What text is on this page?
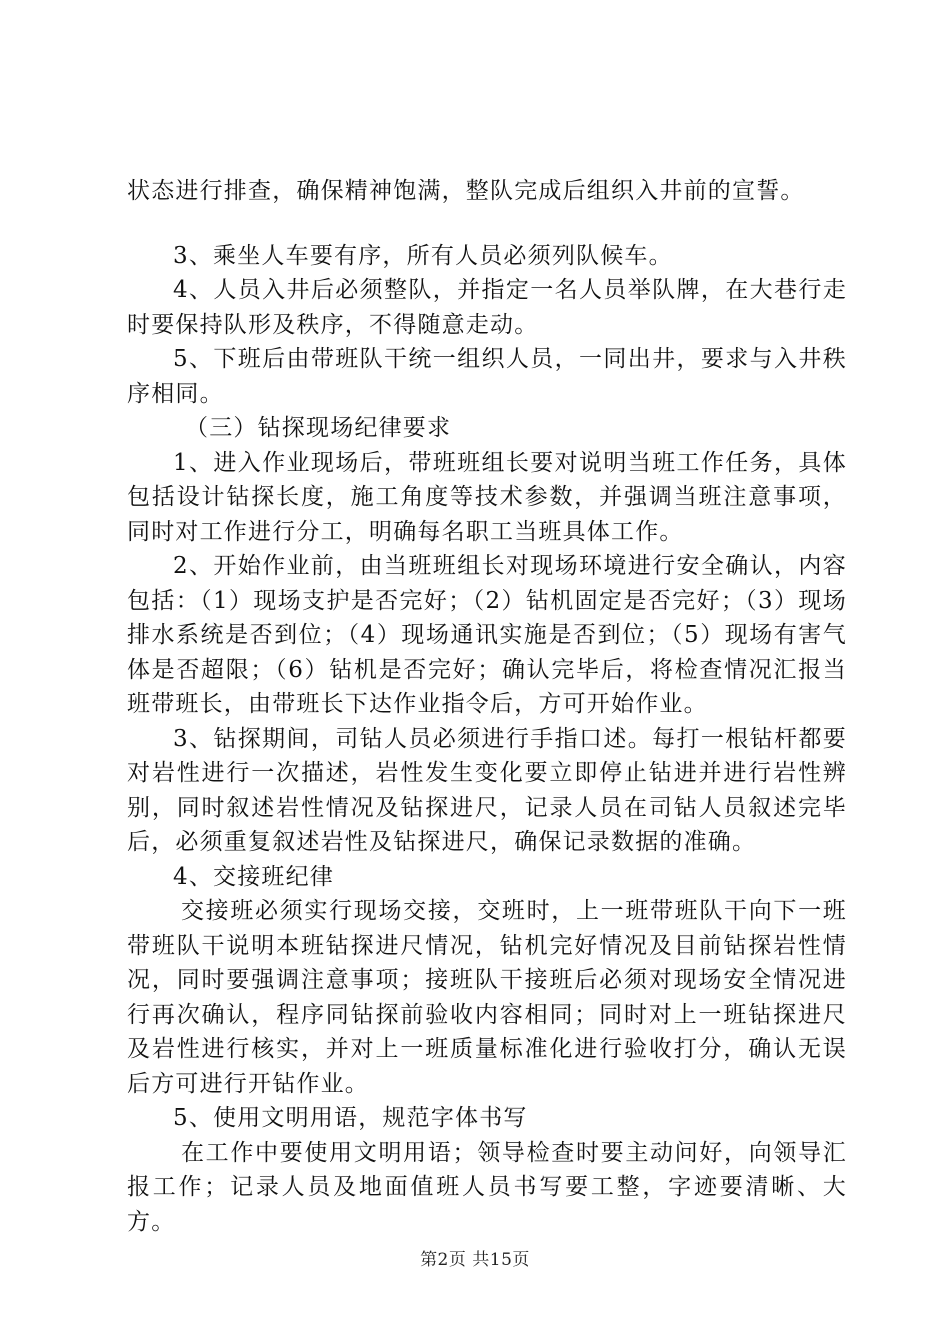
状态进行排查，确保精神饱满，整队完成后组织入井前的宣誓。

3、乘坐人车要有序，所有人员必须列队候车。

4、人员入井后必须整队，并指定一名人员举队牌，在大巷行走时要保持队形及秩序，不得随意走动。

5、下班后由带班队干统一组织人员，一同出井，要求与入井秩序相同。

（三）钻探现场纪律要求

1、进入作业现场后，带班班组长要对说明当班工作任务，具体包括设计钻探长度，施工角度等技术参数，并强调当班注意事项，同时对工作进行分工，明确每名职工当班具体工作。

2、开始作业前，由当班班组长对现场环境进行安全确认，内容包括：（1）现场支护是否完好；（2）钻机固定是否完好；（3）现场排水系统是否到位；（4）现场通讯实施是否到位；（5）现场有害气体是否超限；（6）钻机是否完好；确认完毕后，将检查情况汇报当班带班长，由带班长下达作业指令后，方可开始作业。

3、钻探期间，司钻人员必须进行手指口述。每打一根钻杆都要对岩性进行一次描述，岩性发生变化要立即停止钻进并进行岩性辨别，同时叙述岩性情况及钻探进尺，记录人员在司钻人员叙述完毕后，必须重复叙述岩性及钻探进尺，确保记录数据的准确。

4、交接班纪律

交接班必须实行现场交接，交班时，上一班带班队干向下一班带班队干说明本班钻探进尺情况，钻机完好情况及目前钻探岩性情况，同时要强调注意事项；接班队干接班后必须对现场安全情况进行再次确认，程序同钻探前验收内容相同；同时对上一班钻探进尺及岩性进行核实，并对上一班质量标准化进行验收打分，确认无误后方可进行开钻作业。

5、使用文明用语，规范字体书写

在工作中要使用文明用语；领导检查时要主动问好，向领导汇报工作；记录人员及地面值班人员书写要工整，字迹要清晰、大方。

第2页 共15页
